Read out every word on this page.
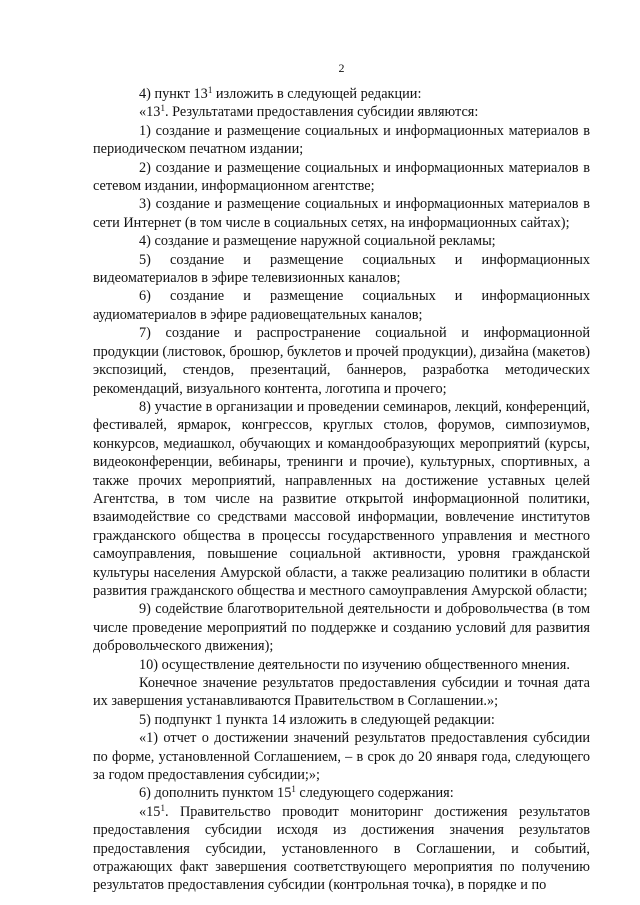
2

4) пункт $13^1$ изложить в следующей редакции:

«$13^1$. Результатами предоставления субсидии являются:

1) создание и размещение социальных и информационных материалов в периодическом печатном издании;

2) создание и размещение социальных и информационных материалов в сетевом издании, информационном агентстве;

3) создание и размещение социальных и информационных материалов в сети Интернет (в том числе в социальных сетях, на информационных сайтах);

4) создание и размещение наружной социальной рекламы;

5) создание и размещение социальных и информационных видеоматериалов в эфире телевизионных каналов;

6) создание и размещение социальных и информационных аудиоматериалов в эфире радиовещательных каналов;

7) создание и распространение социальной и информационной продукции (листовок, брошюр, буклетов и прочей продукции), дизайна (макетов) экспозиций, стендов, презентаций, баннеров, разработка методических рекомендаций, визуального контента, логотипа и прочего;

8) участие в организации и проведении семинаров, лекций, конференций, фестивалей, ярмарок, конгрессов, круглых столов, форумов, симпозиумов, конкурсов, медиашкол, обучающих и командообразующих мероприятий (курсы, видеоконференции, вебинары, тренинги и прочие), культурных, спортивных, а также прочих мероприятий, направленных на достижение уставных целей Агентства, в том числе на развитие открытой информационной политики, взаимодействие со средствами массовой информации, вовлечение институтов гражданского общества в процессы государственного управления и местного самоуправления, повышение социальной активности, уровня гражданской культуры населения Амурской области, а также реализацию политики в области развития гражданского общества и местного самоуправления Амурской области;

9) содействие благотворительной деятельности и добровольчества (в том числе проведение мероприятий по поддержке и созданию условий для развития добровольческого движения);

10) осуществление деятельности по изучению общественного мнения.

Конечное значение результатов предоставления субсидии и точная дата их завершения устанавливаются Правительством в Соглашении.»;

5) подпункт 1 пункта 14 изложить в следующей редакции:

«1) отчет о достижении значений результатов предоставления субсидии по форме, установленной Соглашением, – в срок до 20 января года, следующего за годом предоставления субсидии;»;

6) дополнить пунктом $15^1$ следующего содержания:

«$15^1$. Правительство проводит мониторинг достижения результатов предоставления субсидии исходя из достижения значения результатов предоставления субсидии, установленного в Соглашении, и событий, отражающих факт завершения соответствующего мероприятия по получению результатов предоставления субсидии (контрольная точка), в порядке и по
